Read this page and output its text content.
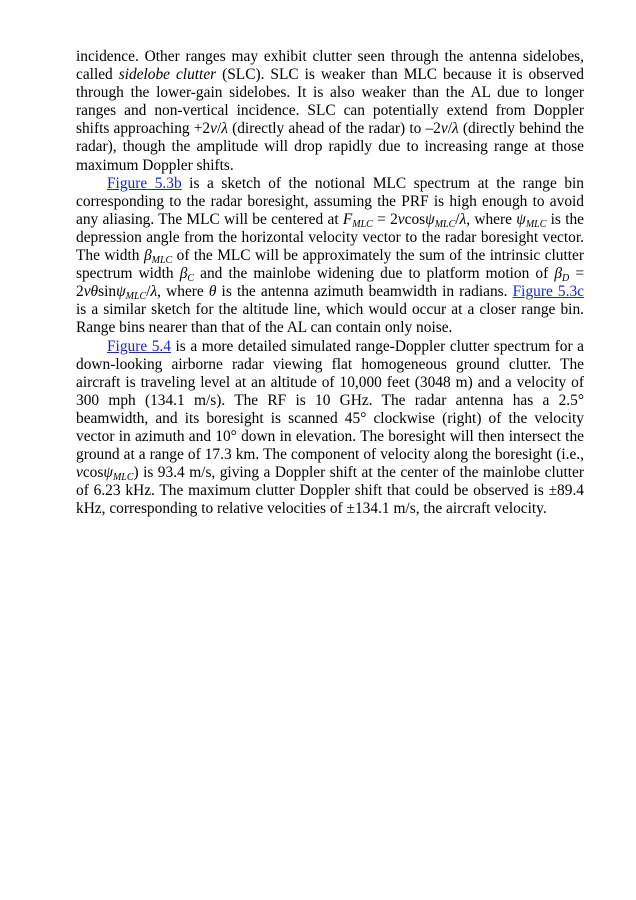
incidence. Other ranges may exhibit clutter seen through the antenna sidelobes, called sidelobe clutter (SLC). SLC is weaker than MLC because it is observed through the lower-gain sidelobes. It is also weaker than the AL due to longer ranges and non-vertical incidence. SLC can potentially extend from Doppler shifts approaching +2v/λ (directly ahead of the radar) to –2v/λ (directly behind the radar), though the amplitude will drop rapidly due to increasing range at those maximum Doppler shifts.

Figure 5.3b is a sketch of the notional MLC spectrum at the range bin corresponding to the radar boresight, assuming the PRF is high enough to avoid any aliasing. The MLC will be centered at $F_{MLC} = 2vcos\psi_{MLC}/\lambda$, where $\psi_{MLC}$ is the depression angle from the horizontal velocity vector to the radar boresight vector. The width $\beta_{MLC}$ of the MLC will be approximately the sum of the intrinsic clutter spectrum width $\beta_C$ and the mainlobe widening due to platform motion of $\beta_D = 2v\theta\sin\psi_{MLC}/\lambda$, where θ is the antenna azimuth beamwidth in radians. Figure 5.3c is a similar sketch for the altitude line, which would occur at a closer range bin. Range bins nearer than that of the AL can contain only noise.

Figure 5.4 is a more detailed simulated range-Doppler clutter spectrum for a down-looking airborne radar viewing flat homogeneous ground clutter. The aircraft is traveling level at an altitude of 10,000 feet (3048 m) and a velocity of 300 mph (134.1 m/s). The RF is 10 GHz. The radar antenna has a 2.5° beamwidth, and its boresight is scanned 45° clockwise (right) of the velocity vector in azimuth and 10° down in elevation. The boresight will then intersect the ground at a range of 17.3 km. The component of velocity along the boresight (i.e., vcosψ$_{MLC}$) is 93.4 m/s, giving a Doppler shift at the center of the mainlobe clutter of 6.23 kHz. The maximum clutter Doppler shift that could be observed is ±89.4 kHz, corresponding to relative velocities of ±134.1 m/s, the aircraft velocity.
